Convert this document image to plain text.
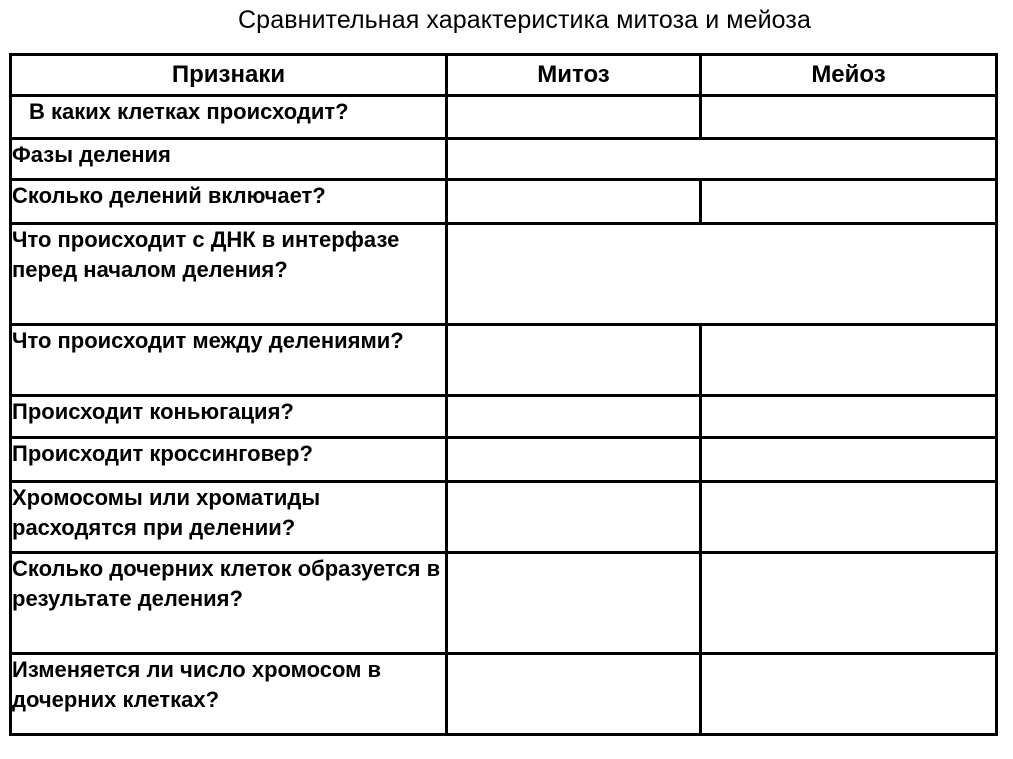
Сравнительная характеристика митоза и мейоза
Признаки	Митоз	Мейоз
В каких клетках происходит?		
Фазы деления		
Сколько делений включает?		
Что происходит с ДНК в интерфазе перед началом деления?		
Что происходит между делениями?		
Происходит коньюгация?		
Происходит кроссинговер?		
Хромосомы или хроматиды расходятся при делении?		
Сколько дочерних клеток образуется в результате деления?		
Изменяется ли число хромосом в дочерних клетках?		
